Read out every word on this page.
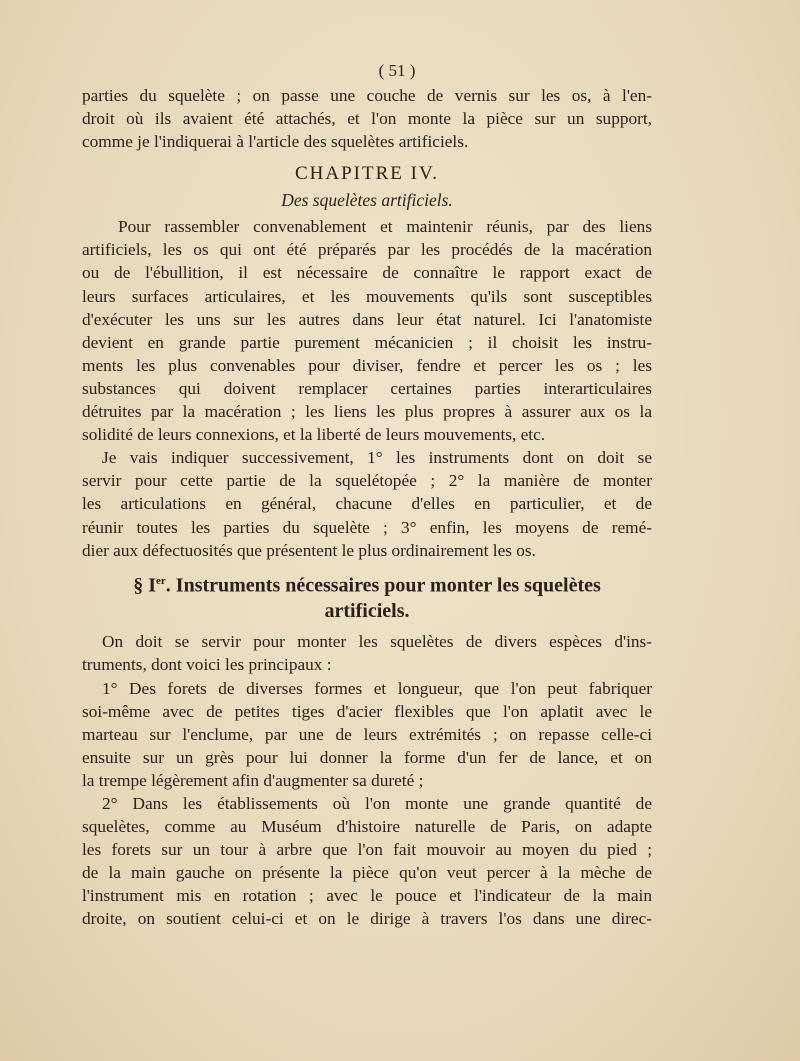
( 51 )
parties du squelète ; on passe une couche de vernis sur les os, à l'en-
droit où ils avaient été attachés, et l'on monte la pièce sur un support,
comme je l'indiquerai à l'article des squelètes artificiels.
CHAPITRE IV.
Des squelètes artificiels.
Pour rassembler convenablement et maintenir réunis, par des liens
artificiels, les os qui ont été préparés par les procédés de la macération
ou de l'ébullition, il est nécessaire de connaître le rapport exact de
leurs surfaces articulaires, et les mouvements qu'ils sont susceptibles
d'exécuter les uns sur les autres dans leur état naturel. Ici l'anatomiste
devient en grande partie purement mécanicien ; il choisit les instru-
ments les plus convenables pour diviser, fendre et percer les os ; les
substances qui doivent remplacer certaines parties interarticulaires
détruites par la macération ; les liens les plus propres à assurer aux os la
solidité de leurs connexions, et la liberté de leurs mouvements, etc.
Je vais indiquer successivement, 1° les instruments dont on doit se
servir pour cette partie de la squelétopée ; 2° la manière de monter
les articulations en général, chacune d'elles en particulier, et de
réunir toutes les parties du squelète ; 3° enfin, les moyens de remé-
dier aux défectuosités que présentent le plus ordinairement les os.
§ Ier. Instruments nécessaires pour monter les squelètes
artificiels.
On doit se servir pour monter les squelètes de divers espèces d'ins-
truments, dont voici les principaux :
1° Des forets de diverses formes et longueur, que l'on peut fabriquer
soi-même avec de petites tiges d'acier flexibles que l'on aplatit avec le
marteau sur l'enclume, par une de leurs extrémités ; on repasse celle-ci
ensuite sur un grès pour lui donner la forme d'un fer de lance, et on
la trempe légèrement afin d'augmenter sa dureté ;
2° Dans les établissements où l'on monte une grande quantité de
squelètes, comme au Muséum d'histoire naturelle de Paris, on adapte
les forets sur un tour à arbre que l'on fait mouvoir au moyen du pied ;
de la main gauche on présente la pièce qu'on veut percer à la mèche de
l'instrument mis en rotation ; avec le pouce et l'indicateur de la main
droite, on soutient celui-ci et on le dirige à travers l'os dans une direc-
